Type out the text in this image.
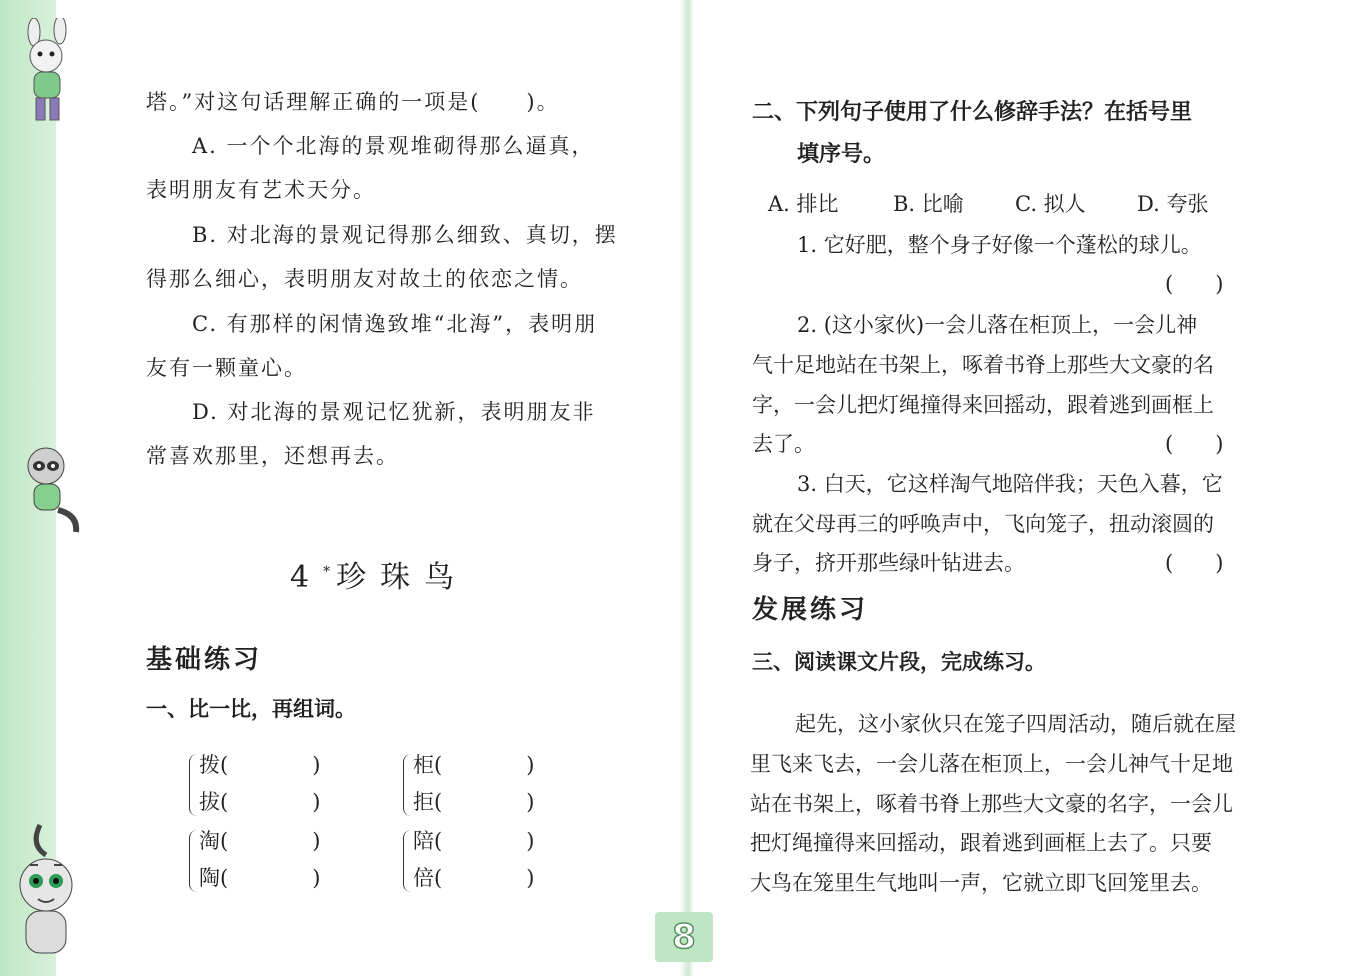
塔。”对这句话理解正确的一项是(　　)。
A. 一个个北海的景观堆砌得那么逼真，
表明朋友有艺术天分。
B. 对北海的景观记得那么细致、真切，摆
得那么细心，表明朋友对故土的依恋之情。
C. 有那样的闲情逸致堆“北海”，表明朋
友有一颗童心。
D. 对北海的景观记忆犹新，表明朋友非
常喜欢那里，还想再去。
4* 珍珠鸟
基础练习
一、比一比，再组词。
拨(　　　　)
拔(　　　　)
柜(　　　　)
拒(　　　　)
淘(　　　　)
陶(　　　　)
陪(　　　　)
倍(　　　　)
二、下列句子使用了什么修辞手法？在括号里
填序号。
A. 排比	B. 比喻 C. 拟人 D. 夸张
1. 它好肥，整个身子好像一个蓬松的球儿。
(　　)
2. (这小家伙)一会儿落在柜顶上，一会儿神
气十足地站在书架上，啄着书脊上那些大文豪的名
字，一会儿把灯绳撞得来回摇动，跟着逃到画框上
去了。	(　　)
3. 白天，它这样淘气地陪伴我；天色入暮，它
就在父母再三的呼唤声中，飞向笼子，扭动滚圆的
身子，挤开那些绿叶钻进去。	(　　)
发展练习
三、阅读课文片段，完成练习。
起先，这小家伙只在笼子四周活动，随后就在屋
里飞来飞去，一会儿落在柜顶上，一会儿神气十足地
站在书架上，啄着书脊上那些大文豪的名字，一会儿
把灯绳撞得来回摇动，跟着逃到画框上去了。只要
大鸟在笼里生气地叫一声，它就立即飞回笼里去。
8
